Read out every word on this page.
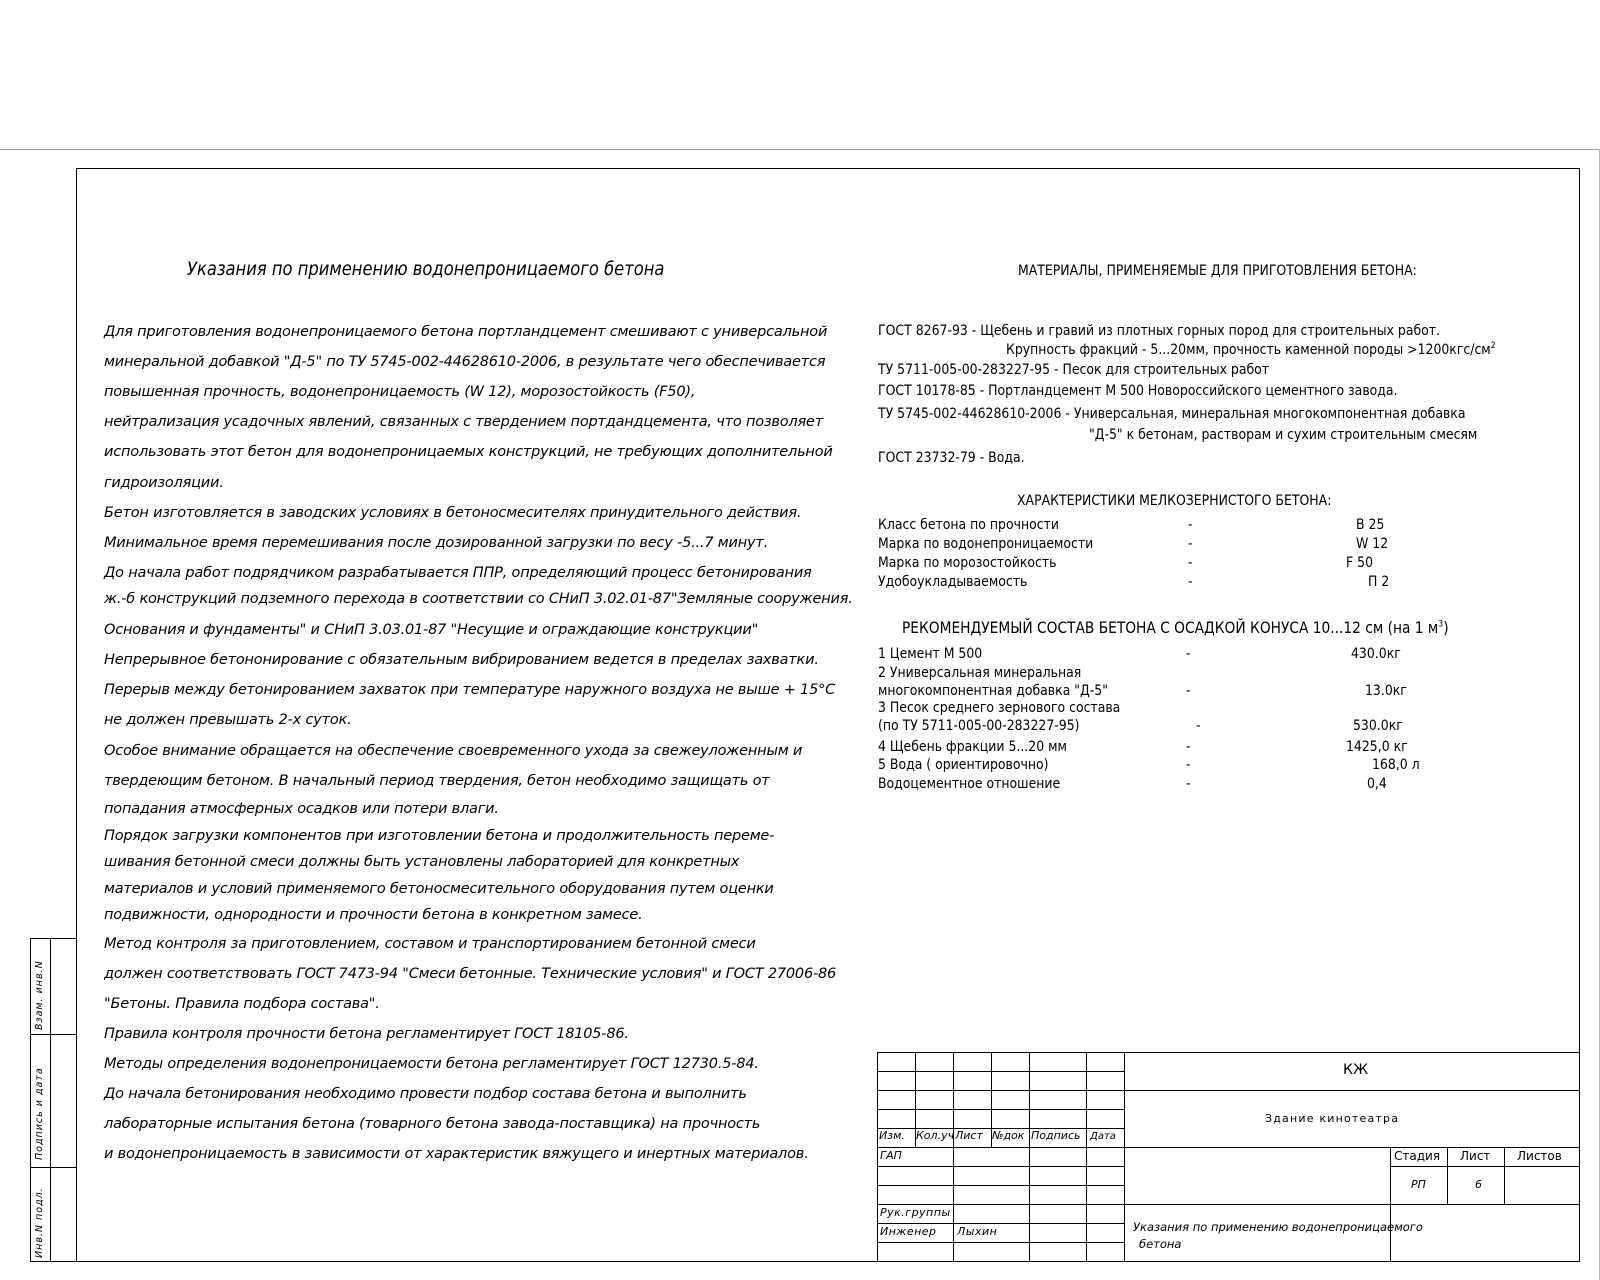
Взам. инв.N
Подпись и дата
Инв.N подл.
Указания по применению водонепроницаемого бетона
Для приготовления водонепроницаемого бетона портландцемент смешивают с универсальной
минеральной добавкой "Д-5" по ТУ 5745-002-44628610-2006, в результате чего обеспечивается
повышенная прочность, водонепроницаемость (W 12), морозостойкость (F50),
нейтрализация усадочных явлений, связанных с твердением портдандцемента, что позволяет
использовать этот бетон для водонепроницаемых конструкций, не требующих дополнительной
гидроизоляции.
Бетон изготовляется в заводских условиях в бетоносмесителях принудительного действия.
Минимальное время перемешивания после дозированной загрузки по весу -5...7 минут.
До начала работ подрядчиком разрабатывается ППР, определяющий процесс бетонирования
ж.-б конструкций подземного перехода в соответствии со СНиП 3.02.01-87"Земляные сооружения.
Основания и фундаменты" и СНиП 3.03.01-87 "Несущие и ограждающие конструкции"
Непрерывное бетононирование с обязательным вибрированием ведется в пределах захватки.
Перерыв между бетонированием захваток при температуре наружного воздуха не выше + 15°С
не должен превышать 2-х суток.
Особое внимание обращается на обеспечение своевременного ухода за свежеуложенным и
твердеющим бетоном. В начальный период твердения, бетон необходимо защищать от
попадания атмосферных осадков или потери влаги.
Порядок загрузки компонентов при изготовлении бетона и продолжительность переме-
шивания бетонной смеси должны быть установлены лабораторией для конкретных
материалов и условий применяемого бетоносмесительного оборудования путем оценки
подвижности, однородности и прочности бетона в конкретном замесе.
Метод контроля за приготовлением, составом и транспортированием бетонной смеси
должен соответствовать ГОСТ 7473-94 "Смеси бетонные. Технические условия" и ГОСТ 27006-86
"Бетоны. Правила подбора состава".
Правила контроля прочности бетона регламентирует ГОСТ 18105-86.
Методы определения водонепроницаемости бетона регламентирует ГОСТ 12730.5-84.
До начала бетонирования необходимо провести подбор состава бетона и выполнить
лабораторные испытания бетона (товарного бетона завода-поставщика) на прочность
и водонепроницаемость в зависимости от характеристик вяжущего и инертных материалов.
МАТЕРИАЛЫ, ПРИМЕНЯЕМЫЕ ДЛЯ ПРИГОТОВЛЕНИЯ БЕТОНА:
ГОСТ 8267-93 - Щебень и гравий из плотных горных пород для строительных работ.
Крупность фракций - 5...20мм, прочность каменной породы $>1200кгс/см^2$
ТУ 5711-005-00-283227-95 - Песок для строительных работ
ГОСТ 10178-85 - Портландцемент М 500 Новороссийского цементного завода.
ТУ 5745-002-44628610-2006 - Универсальная, минеральная многокомпонентная добавка
"Д-5" к бетонам, растворам и сухим строительным смесям
ГОСТ 23732-79 - Вода.
ХАРАКТЕРИСТИКИ МЕЛКОЗЕРНИСТОГО БЕТОНА:
Класс бетона по прочности	-	В 25
Марка по водонепроницаемости	-	W 12
Марка по морозостойкость	-	F 50
Удобоукладываемость	-	П 2
РЕКОМЕНДУЕМЫЙ СОСТАВ БЕТОНА С ОСАДКОЙ КОНУСА 10...12 см (на 1 $м^3$)
1 Цемент М 500	-	430.0кг
2 Универсальная минеральная
многокомпонентная добавка "Д-5"	-	13.0кг
3 Песок среднего зернового состава
(по ТУ 5711-005-00-283227-95)	-	530.0кг
4 Щебень фракции 5...20 мм	-	1425,0 кг
5 Вода ( ориентировочно)	-	168,0 л
Водоцементное отношение	-	0,4
КЖ
Здание кинотеатра
Изм. Кол.уч Лист №док Подпись Дата
ГАП
Рук.группы
Инженер Лыхин
Стадия Лист Листов
РП	6
Указания по применению водонепроницаемого
бетона
